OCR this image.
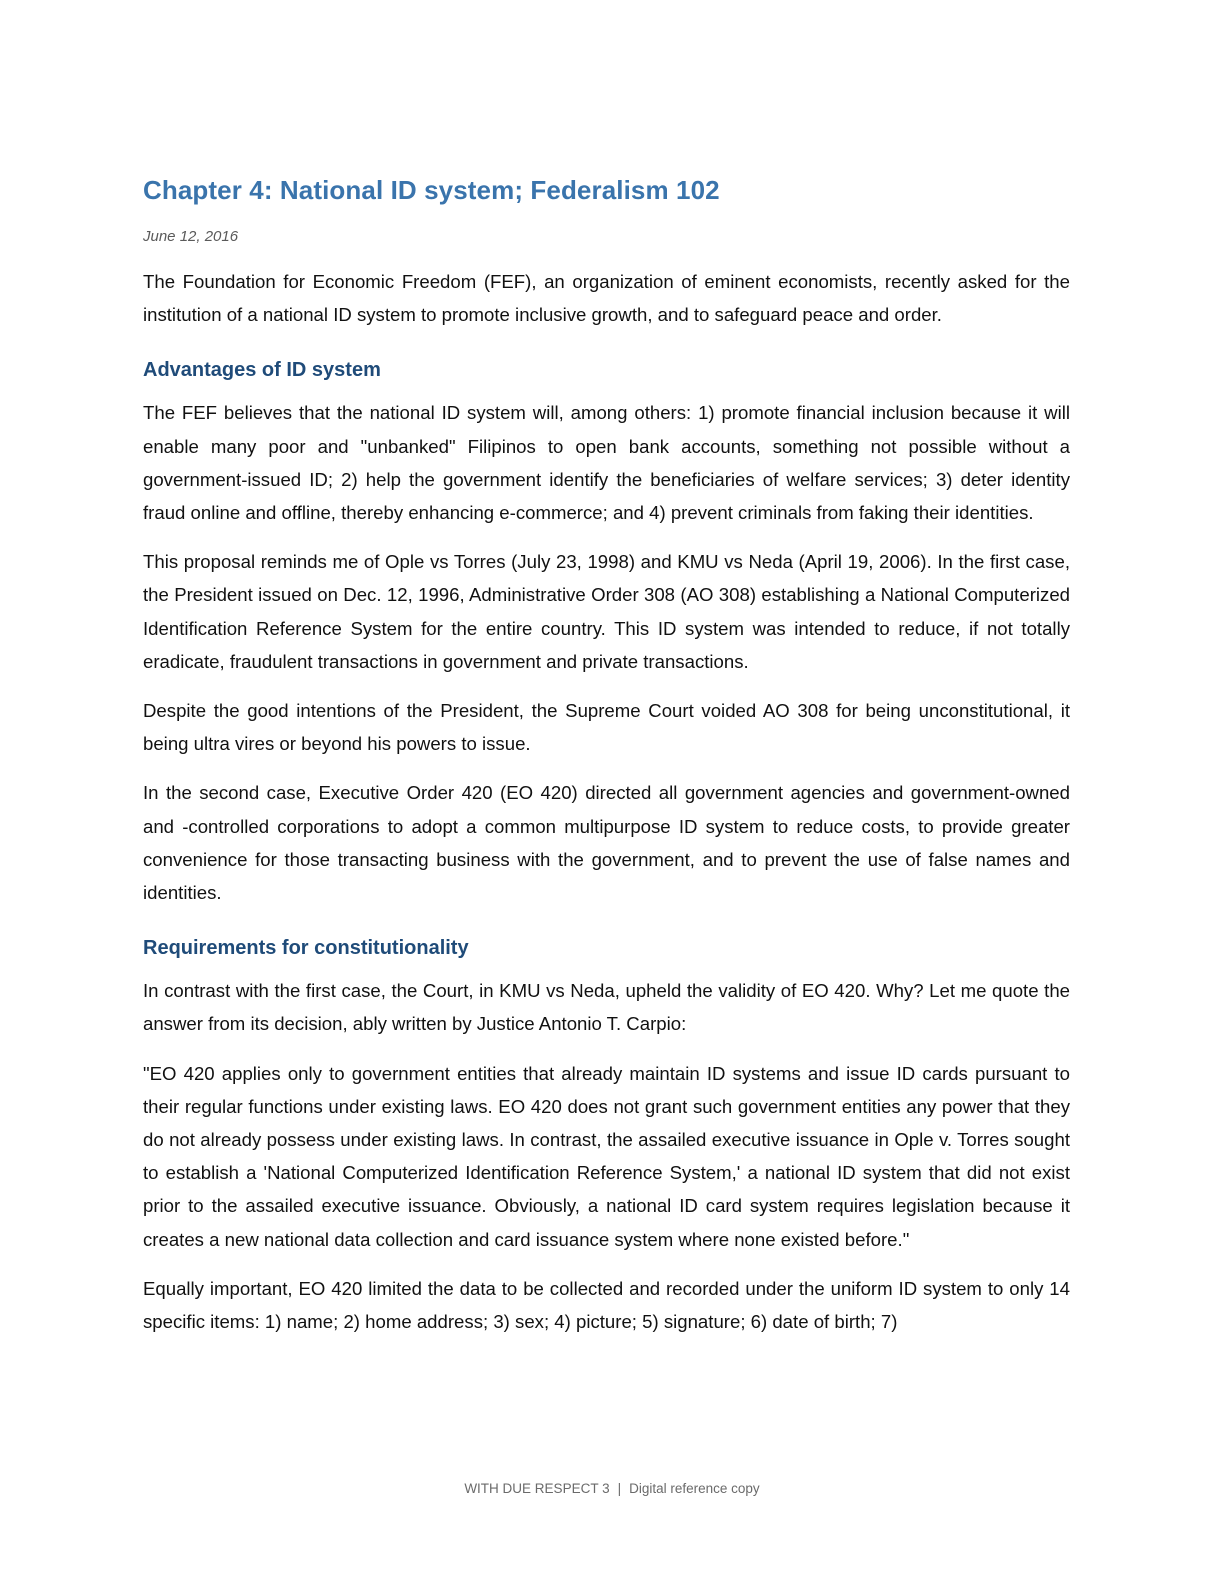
Chapter 4: National ID system; Federalism 102
June 12, 2016

The Foundation for Economic Freedom (FEF), an organization of eminent economists, recently asked for the institution of a national ID system to promote inclusive growth, and to safeguard peace and order.

Advantages of ID system

The FEF believes that the national ID system will, among others: 1) promote financial inclusion because it will enable many poor and "unbanked" Filipinos to open bank accounts, something not possible without a government-issued ID; 2) help the government identify the beneficiaries of welfare services; 3) deter identity fraud online and offline, thereby enhancing e-commerce; and 4) prevent criminals from faking their identities.

This proposal reminds me of Ople vs Torres (July 23, 1998) and KMU vs Neda (April 19, 2006). In the first case, the President issued on Dec. 12, 1996, Administrative Order 308 (AO 308) establishing a National Computerized Identification Reference System for the entire country. This ID system was intended to reduce, if not totally eradicate, fraudulent transactions in government and private transactions.

Despite the good intentions of the President, the Supreme Court voided AO 308 for being unconstitutional, it being ultra vires or beyond his powers to issue.

In the second case, Executive Order 420 (EO 420) directed all government agencies and government-owned and -controlled corporations to adopt a common multipurpose ID system to reduce costs, to provide greater convenience for those transacting business with the government, and to prevent the use of false names and identities.

Requirements for constitutionality

In contrast with the first case, the Court, in KMU vs Neda, upheld the validity of EO 420. Why? Let me quote the answer from its decision, ably written by Justice Antonio T. Carpio:

"EO 420 applies only to government entities that already maintain ID systems and issue ID cards pursuant to their regular functions under existing laws. EO 420 does not grant such government entities any power that they do not already possess under existing laws. In contrast, the assailed executive issuance in Ople v. Torres sought to establish a 'National Computerized Identification Reference System,' a national ID system that did not exist prior to the assailed executive issuance. Obviously, a national ID card system requires legislation because it creates a new national data collection and card issuance system where none existed before."

Equally important, EO 420 limited the data to be collected and recorded under the uniform ID system to only 14 specific items: 1) name; 2) home address; 3) sex; 4) picture; 5) signature; 6) date of birth; 7)

WITH DUE RESPECT 3 | Digital reference copy
